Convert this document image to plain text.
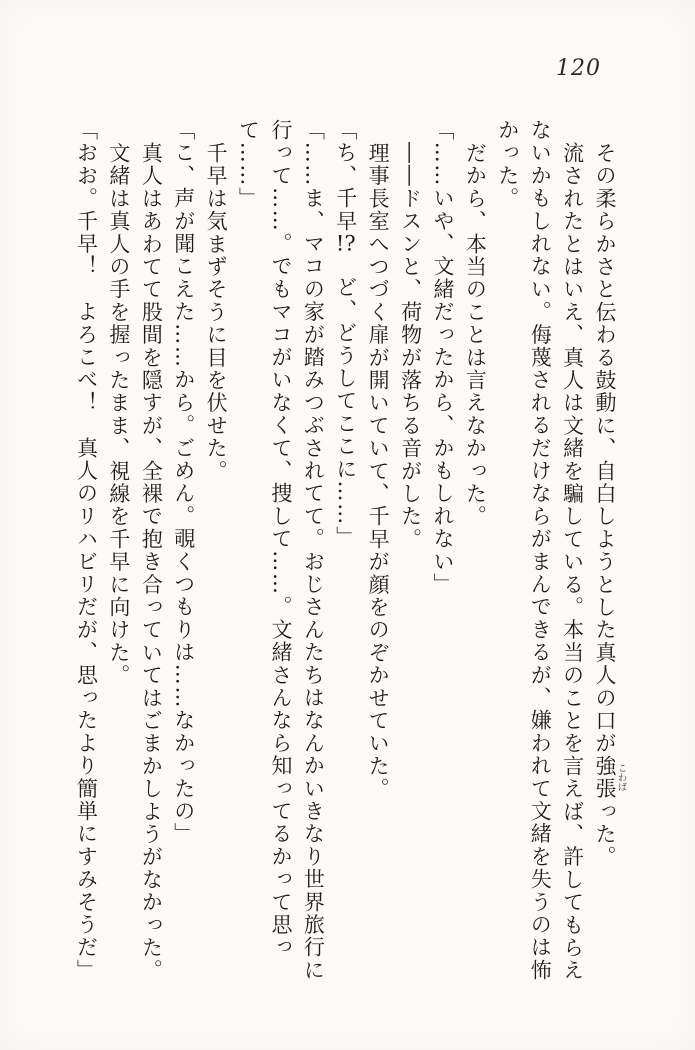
120

その柔らかさと伝わる鼓動に、自白しようとした真人の口が強張こわばった。

流されたとはいえ、真人は文緒を騙している。本当のことを言えば、許してもらえ

ないかもしれない。侮蔑されるだけならがまんできるが、嫌われて文緒を失うのは怖

かった。

だから、本当のことは言えなかった。

「……いや、文緒だったから、かもしれない」

――ドスンと、荷物が落ちる音がした。

理事長室へつづく扉が開いていて、千早が顔をのぞかせていた。

「ち、千早!?　ど、どうしてここに……」

「……ま、マコの家が踏みつぶされてて。おじさんたちはなんかいきなり世界旅行に

行って……。でもマコがいなくて、捜して……。文緒さんなら知ってるかって思っ

て……」

千早は気まずそうに目を伏せた。

「こ、声が聞こえた……から。ごめん。覗くつもりは……なかったの」

真人はあわてて股間を隠すが、全裸で抱き合っていてはごまかしようがなかった。

文緒は真人の手を握ったまま、視線を千早に向けた。

「おお。千早！　よろこべ！　真人のリハビリだが、思ったより簡単にすみそうだ」
